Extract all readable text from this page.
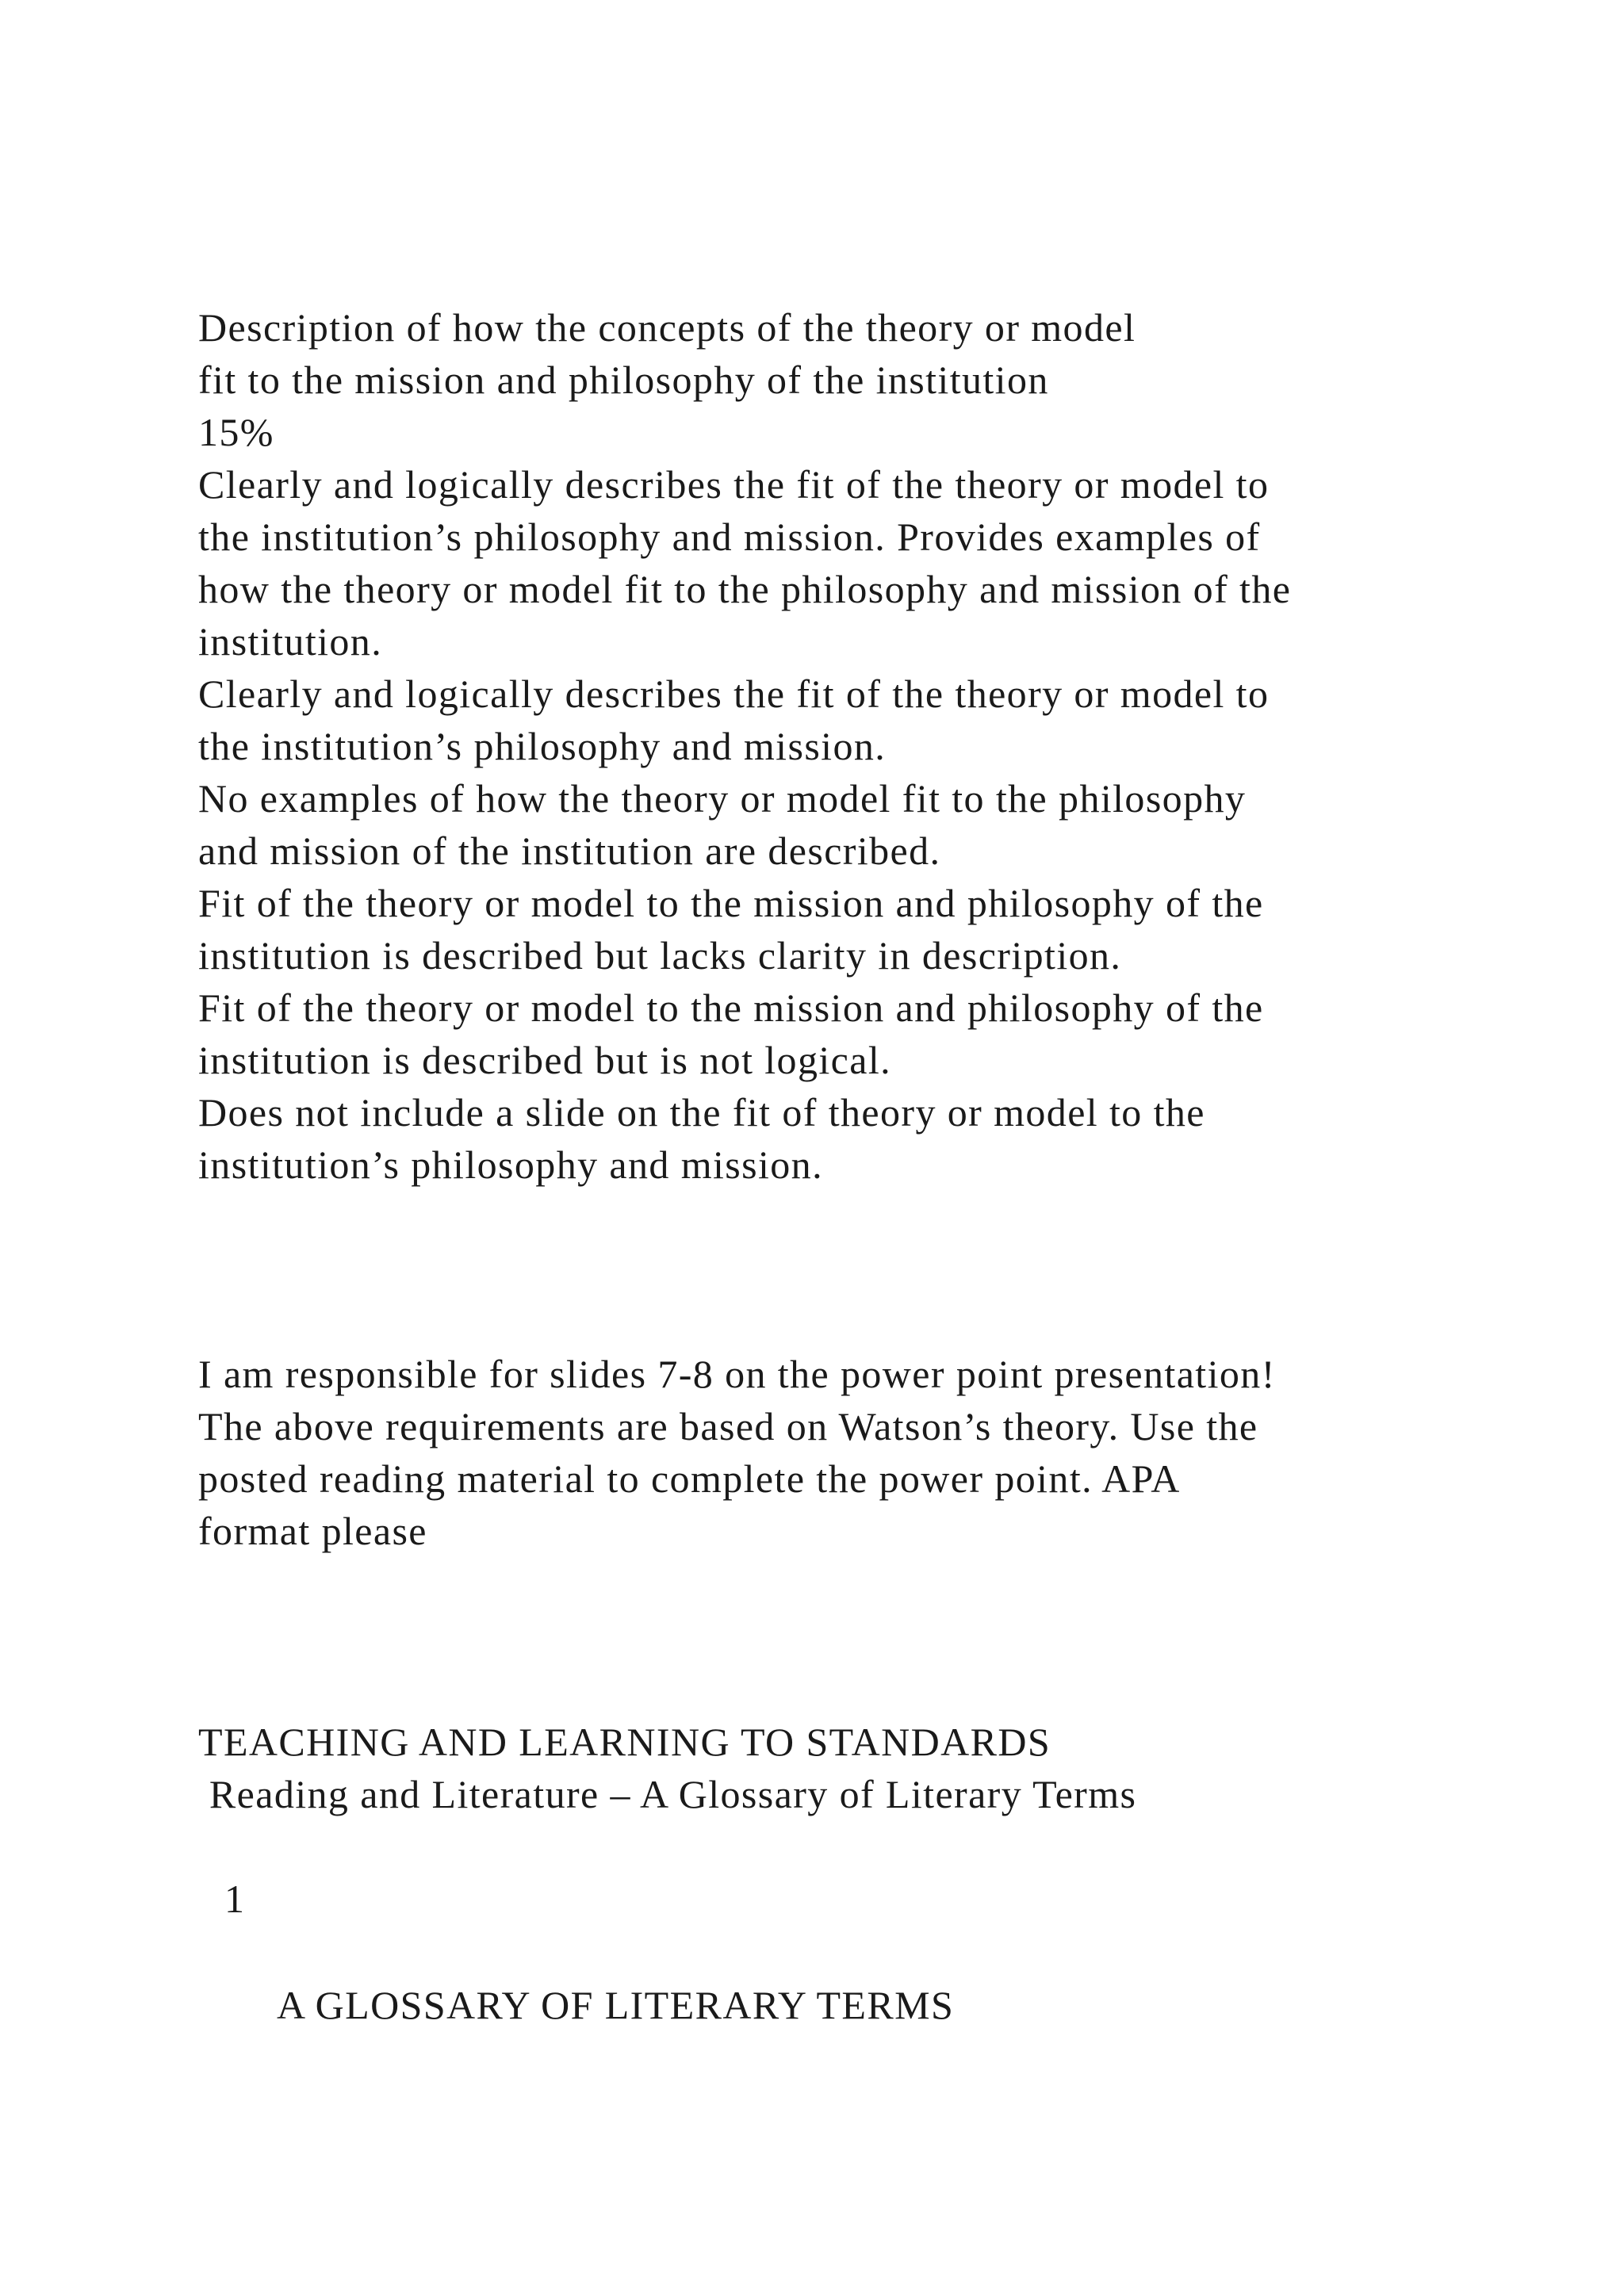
Description of how the concepts of the theory or model

fit to the mission and philosophy of the institution

15%

Clearly and logically describes the fit of the theory or model to

the institution’s philosophy and mission. Provides examples of

how the theory or model fit to the philosophy and mission of the

institution.

Clearly and logically describes the fit of the theory or model to

the institution’s philosophy and mission.

No examples of how the theory or model fit to the philosophy

and mission of the institution are described.

Fit of the theory or model to the mission and philosophy of the

institution is described but lacks clarity in description.

Fit of the theory or model to the mission and philosophy of the

institution is described but is not logical.

Does not include a slide on the fit of theory or model to the

institution’s philosophy and mission.

I am responsible for slides 7-8 on the power point presentation!

The above requirements are based on Watson’s theory. Use the

posted reading material to complete the power point. APA

format please

TEACHING AND LEARNING TO STANDARDS

Reading and Literature – A Glossary of Literary Terms

1

A GLOSSARY OF LITERARY TERMS
